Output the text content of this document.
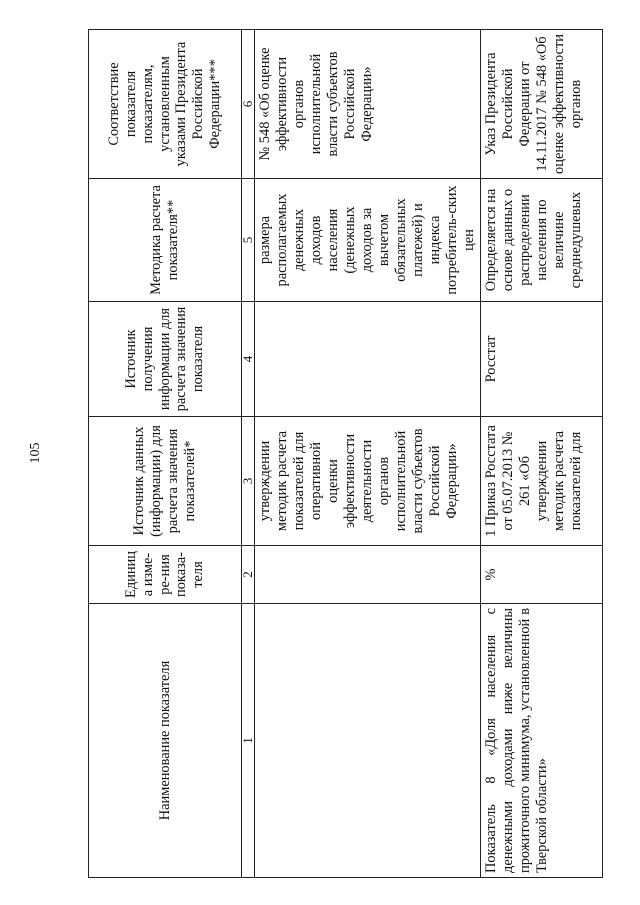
105
Наименование показателя	Единица изме-ре-ния показа-теля	Источник данных (информации) для расчета значения показателей*	Источник получения информации для расчета значения показателя	Методика расчета показателя**	Соответствие показателя показателям, установленным указами Президента Российской Федерации***
1	2	3	4	5	6
		утверждении методик расчета показателей для оперативной оценки эффективности деятельности органов исполнительной власти субъектов Российской Федерации»		размера располагаемых денежных доходов населения (денежных доходов за вычетом обязательных платежей) и индекса потребитель-ских цен	№ 548 «Об оценке эффективности органов исполнительной власти субъектов Российской Федерации»
Показатель 8 «Доля населения с денежными доходами ниже величины прожиточного минимума, установленной в Тверской области»	%	1 Приказ Росстата от 05.07.2013 № 261 «Об утверждении методик расчета показателей для	Росстат	Определяется на основе данных о распределении населения по величине среднедушевых	Указ Президента Российской Федерации от 14.11.2017 № 548 «Об оценке эффективности органов
